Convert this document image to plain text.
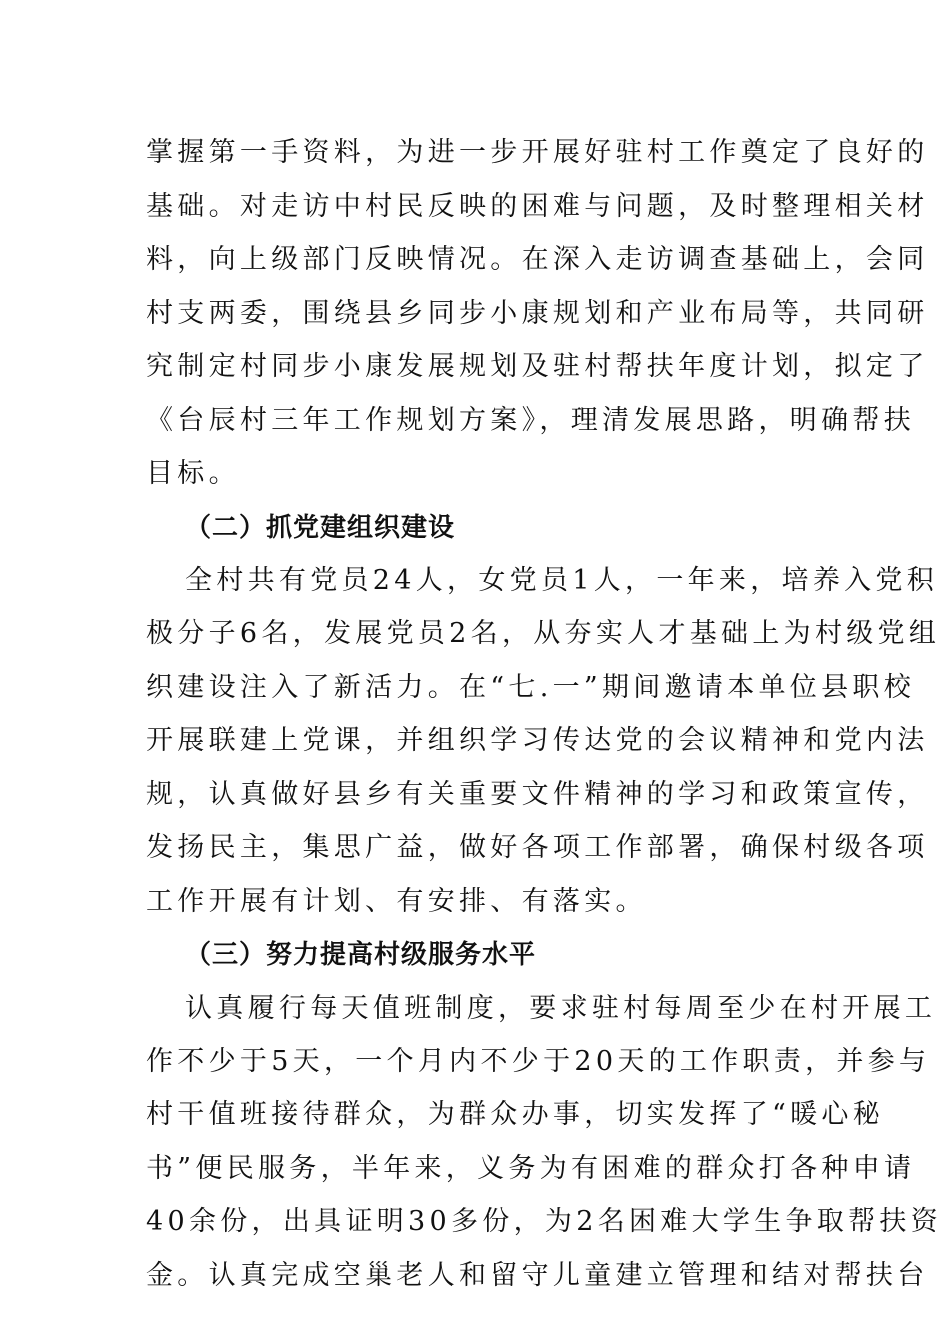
掌握第一手资料，为进一步开展好驻村工作奠定了良好的
基础。对走访中村民反映的困难与问题，及时整理相关材
料，向上级部门反映情况。在深入走访调查基础上，会同
村支两委，围绕县乡同步小康规划和产业布局等，共同研
究制定村同步小康发展规划及驻村帮扶年度计划，拟定了
《台辰村三年工作规划方案》，理清发展思路，明确帮扶
目标。
（二）抓党建组织建设
全村共有党员24人，女党员1人，一年来，培养入党积
极分子6名，发展党员2名，从夯实人才基础上为村级党组
织建设注入了新活力。在“七.一”期间邀请本单位县职校
开展联建上党课，并组织学习传达党的会议精神和党内法
规，认真做好县乡有关重要文件精神的学习和政策宣传，
发扬民主，集思广益，做好各项工作部署，确保村级各项
工作开展有计划、有安排、有落实。
（三）努力提高村级服务水平
认真履行每天值班制度，要求驻村每周至少在村开展工
作不少于5天，一个月内不少于20天的工作职责，并参与
村干值班接待群众，为群众办事，切实发挥了“暖心秘
书”便民服务，半年来，义务为有困难的群众打各种申请
40余份，出具证明30多份，为2名困难大学生争取帮扶资
金。认真完成空巢老人和留守儿童建立管理和结对帮扶台
